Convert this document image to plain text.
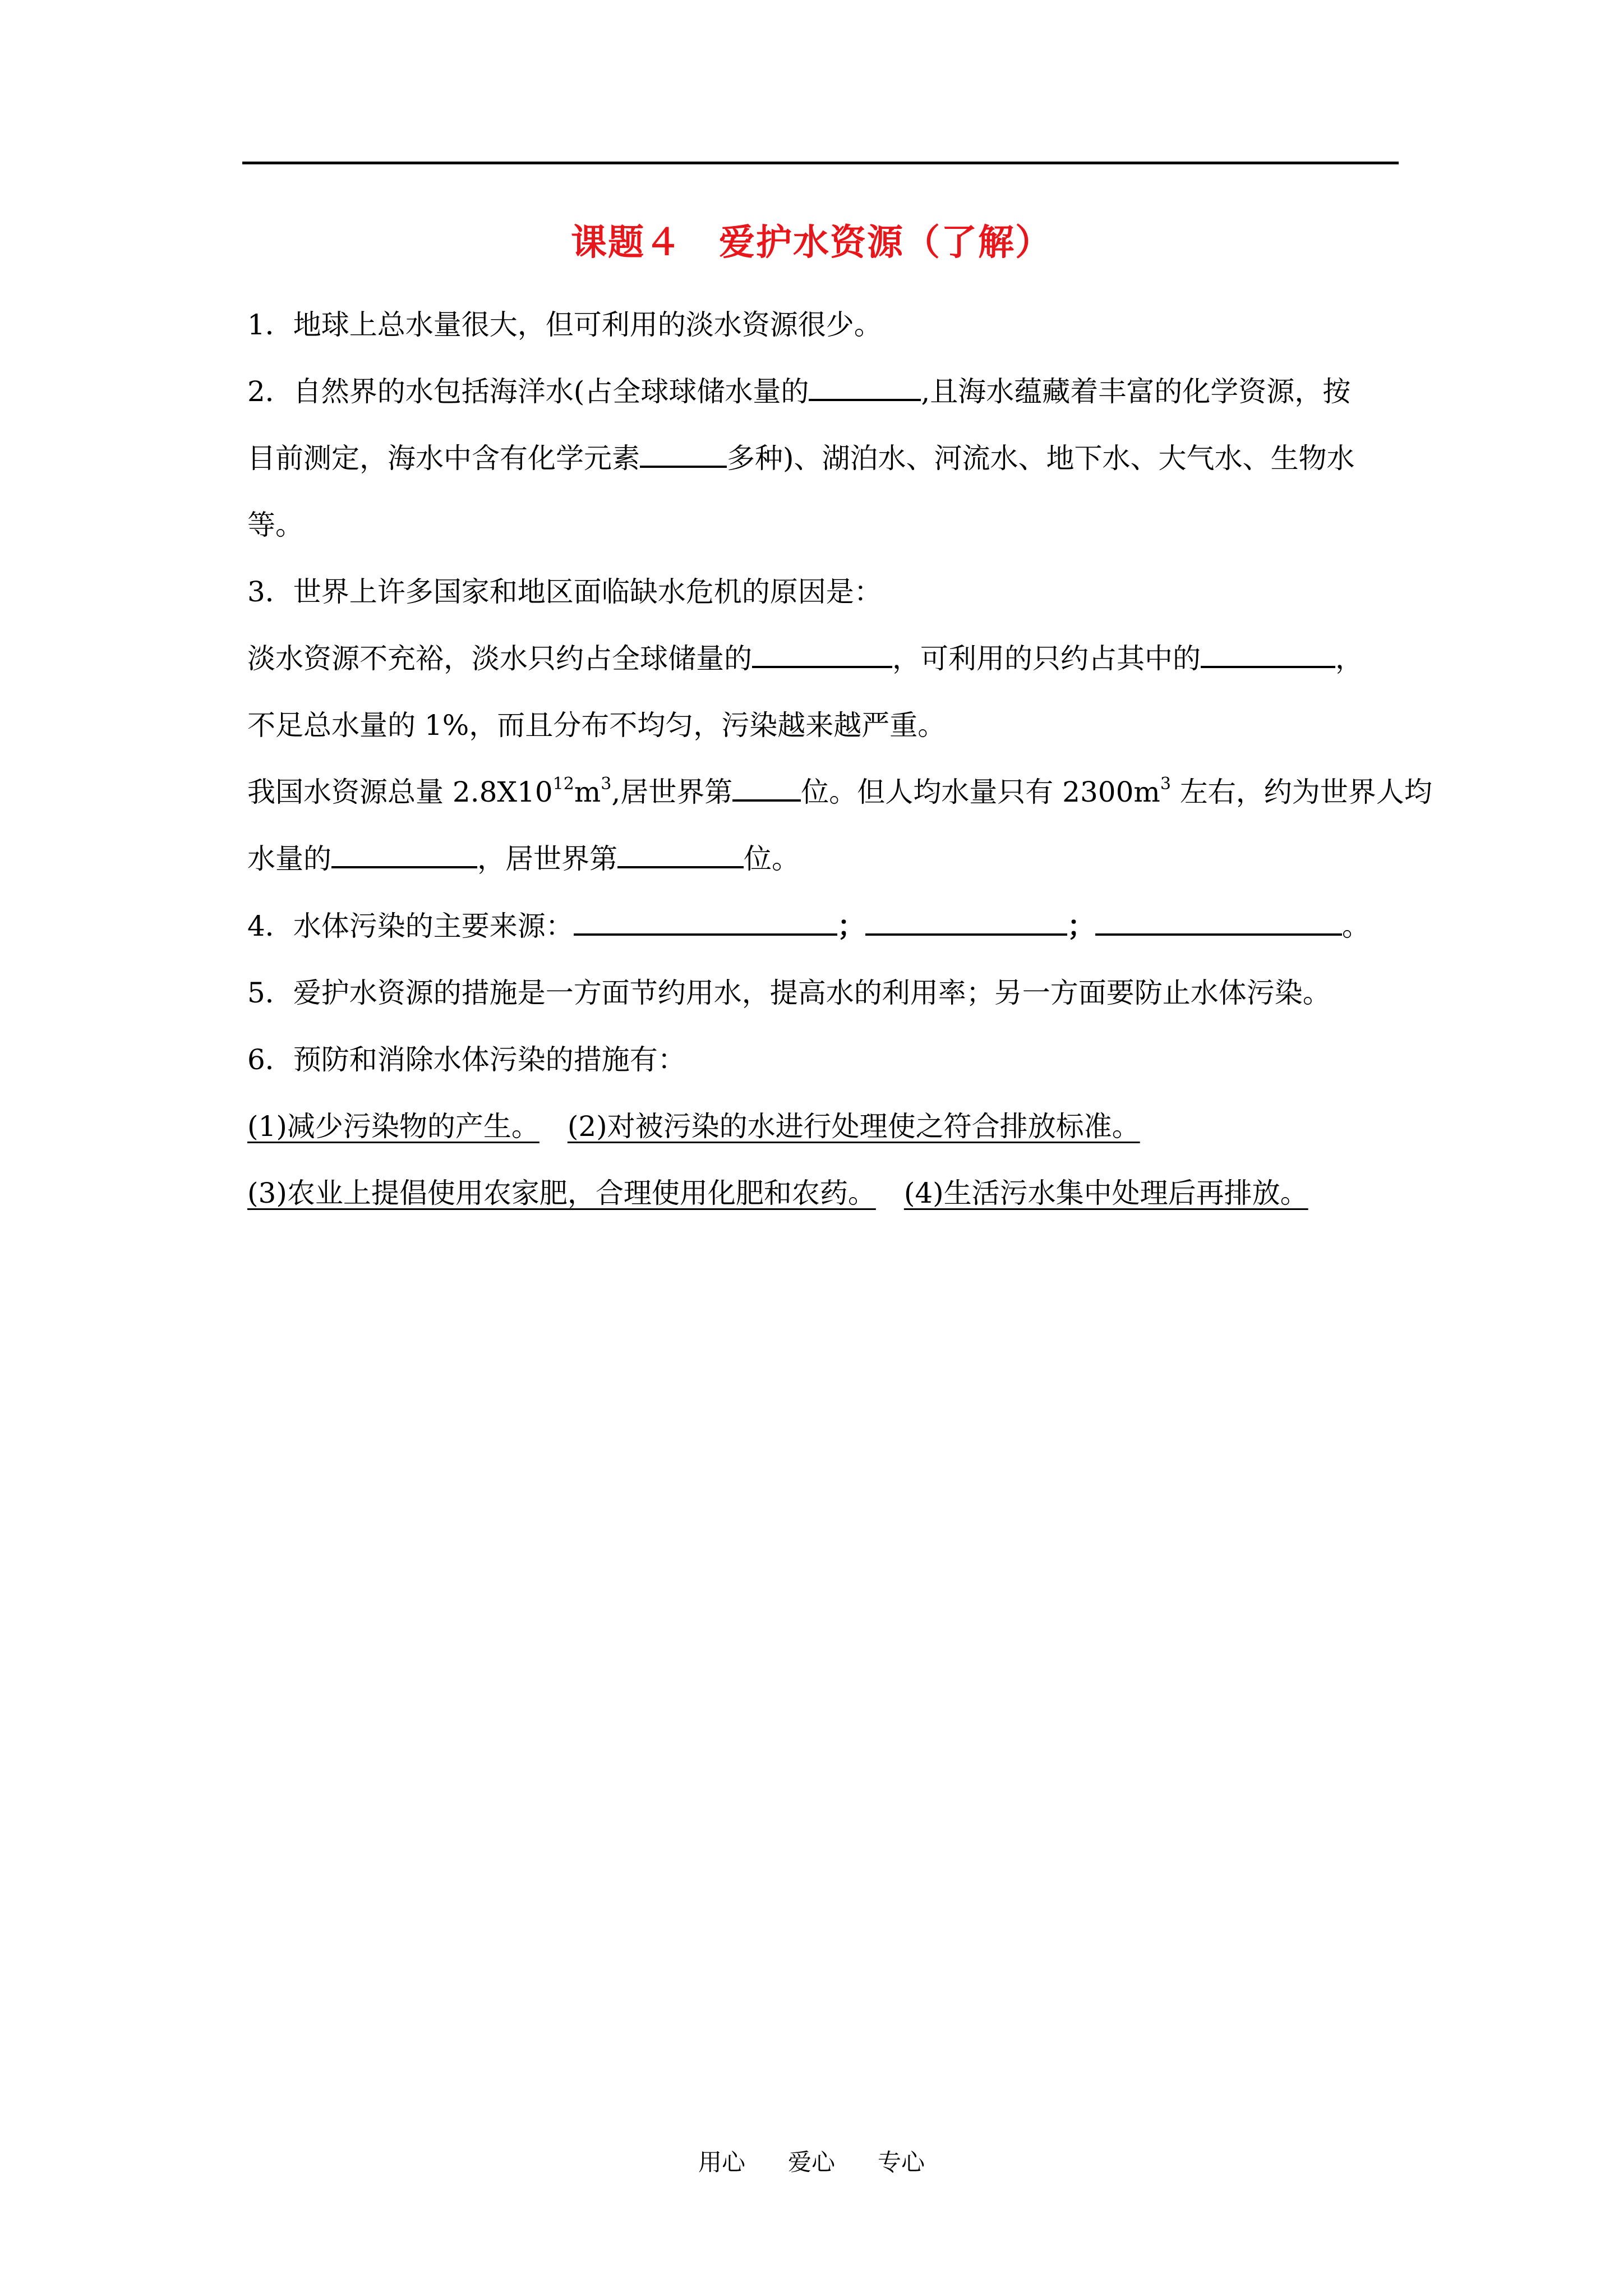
课题４　爱护水资源（了解）
1．地球上总水量很大，但可利用的淡水资源很少。
2．自然界的水包括海洋水(占全球球储水量的	,且海水蕴藏着丰富的化学资源，按
目前测定，海水中含有化学元素	多种)、湖泊水、河流水、地下水、大气水、生物水
等。
3．世界上许多国家和地区面临缺水危机的原因是：
淡水资源不充裕，淡水只约占全球储量的	，可利用的只约占其中的	，
不足总水量的 1%，而且分布不均匀，污染越来越严重。
我国水资源总量 $2.8X10^{12}m^3$,居世界第 位。但人均水量只有 $2300m^3$ 左右，约为世界人均
水量的	，居世界第	位。
4．水体污染的主要来源：	；	；	。
5．爱护水资源的措施是一方面节约用水，提高水的利用率；另一方面要防止水体污染。
6．预防和消除水体污染的措施有：
(1)减少污染物的产生。 (2)对被污染的水进行处理使之符合排放标准。
(3)农业上提倡使用农家肥，合理使用化肥和农药。 (4)生活污水集中处理后再排放。
用心 爱心 专心
